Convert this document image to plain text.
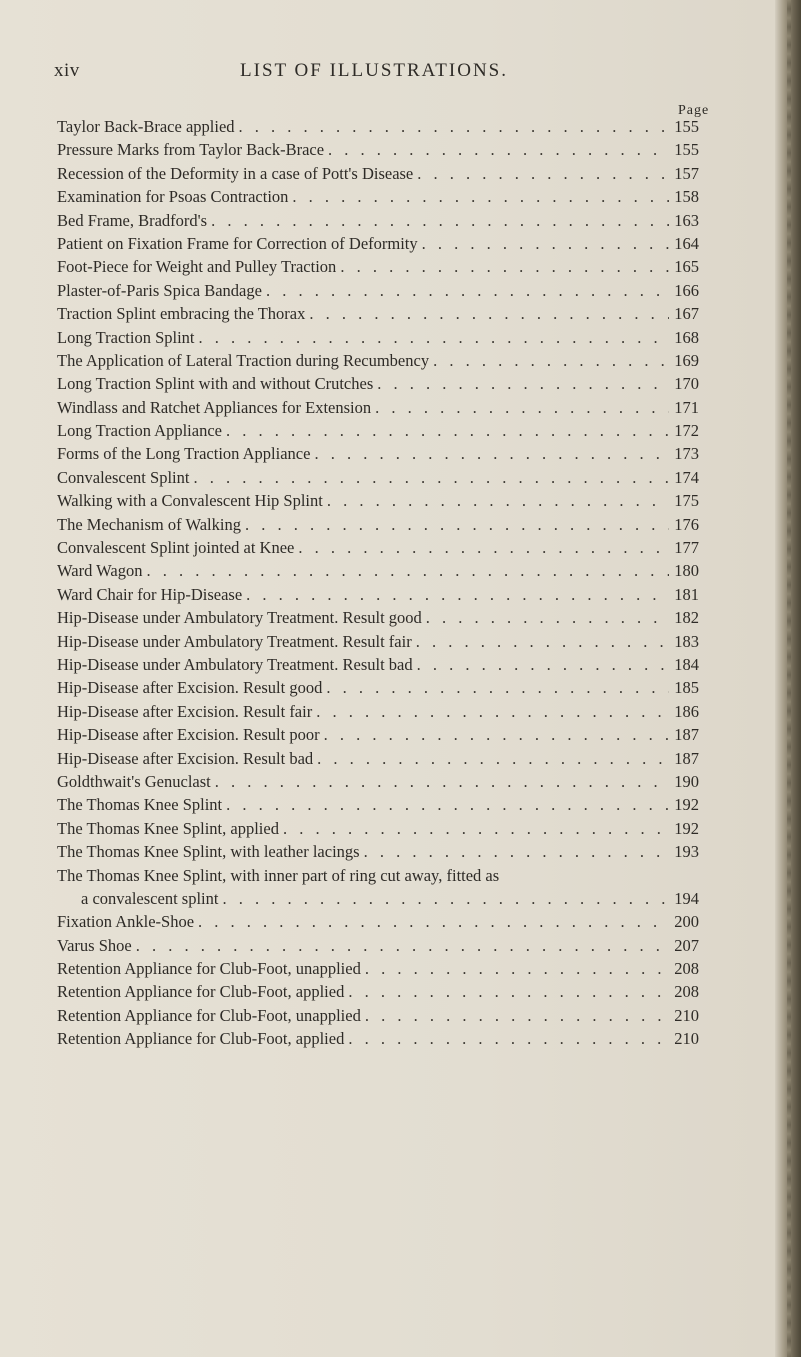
xiv	LIST OF ILLUSTRATIONS.
Page
Taylor Back-Brace applied . . .	155
Pressure Marks from Taylor Back-Brace . . .	155
Recession of the Deformity in a case of Pott's Disease . . .	157
Examination for Psoas Contraction . . .	158
Bed Frame, Bradford's . . .	163
Patient on Fixation Frame for Correction of Deformity . . .	164
Foot-Piece for Weight and Pulley Traction . . .	165
Plaster-of-Paris Spica Bandage . . .	166
Traction Splint embracing the Thorax . . .	167
Long Traction Splint . . .	168
The Application of Lateral Traction during Recumbency . . .	169
Long Traction Splint with and without Crutches . . .	170
Windlass and Ratchet Appliances for Extension . . .	171
Long Traction Appliance . . .	172
Forms of the Long Traction Appliance . . .	173
Convalescent Splint . . .	174
Walking with a Convalescent Hip Splint . . .	175
The Mechanism of Walking . . .	176
Convalescent Splint jointed at Knee . . .	177
Ward Wagon . . .	180
Ward Chair for Hip-Disease . . .	181
Hip-Disease under Ambulatory Treatment. Result good . . .	182
Hip-Disease under Ambulatory Treatment. Result fair . . .	183
Hip-Disease under Ambulatory Treatment. Result bad . . .	184
Hip-Disease after Excision. Result good . . .	185
Hip-Disease after Excision. Result fair . . .	186
Hip-Disease after Excision. Result poor . . .	187
Hip-Disease after Excision. Result bad . . .	187
Goldthwait's Genuclast . . .	190
The Thomas Knee Splint . . .	192
The Thomas Knee Splint, applied . . .	192
The Thomas Knee Splint, with leather lacings . . .	193
The Thomas Knee Splint, with inner part of ring cut away, fitted as
a convalescent splint . . .	194
Fixation Ankle-Shoe . . .	200
Varus Shoe . . .	207
Retention Appliance for Club-Foot, unapplied . . .	208
Retention Appliance for Club-Foot, applied . . .	208
Retention Appliance for Club-Foot, unapplied . . .	210
Retention Appliance for Club-Foot, applied . . .	210
